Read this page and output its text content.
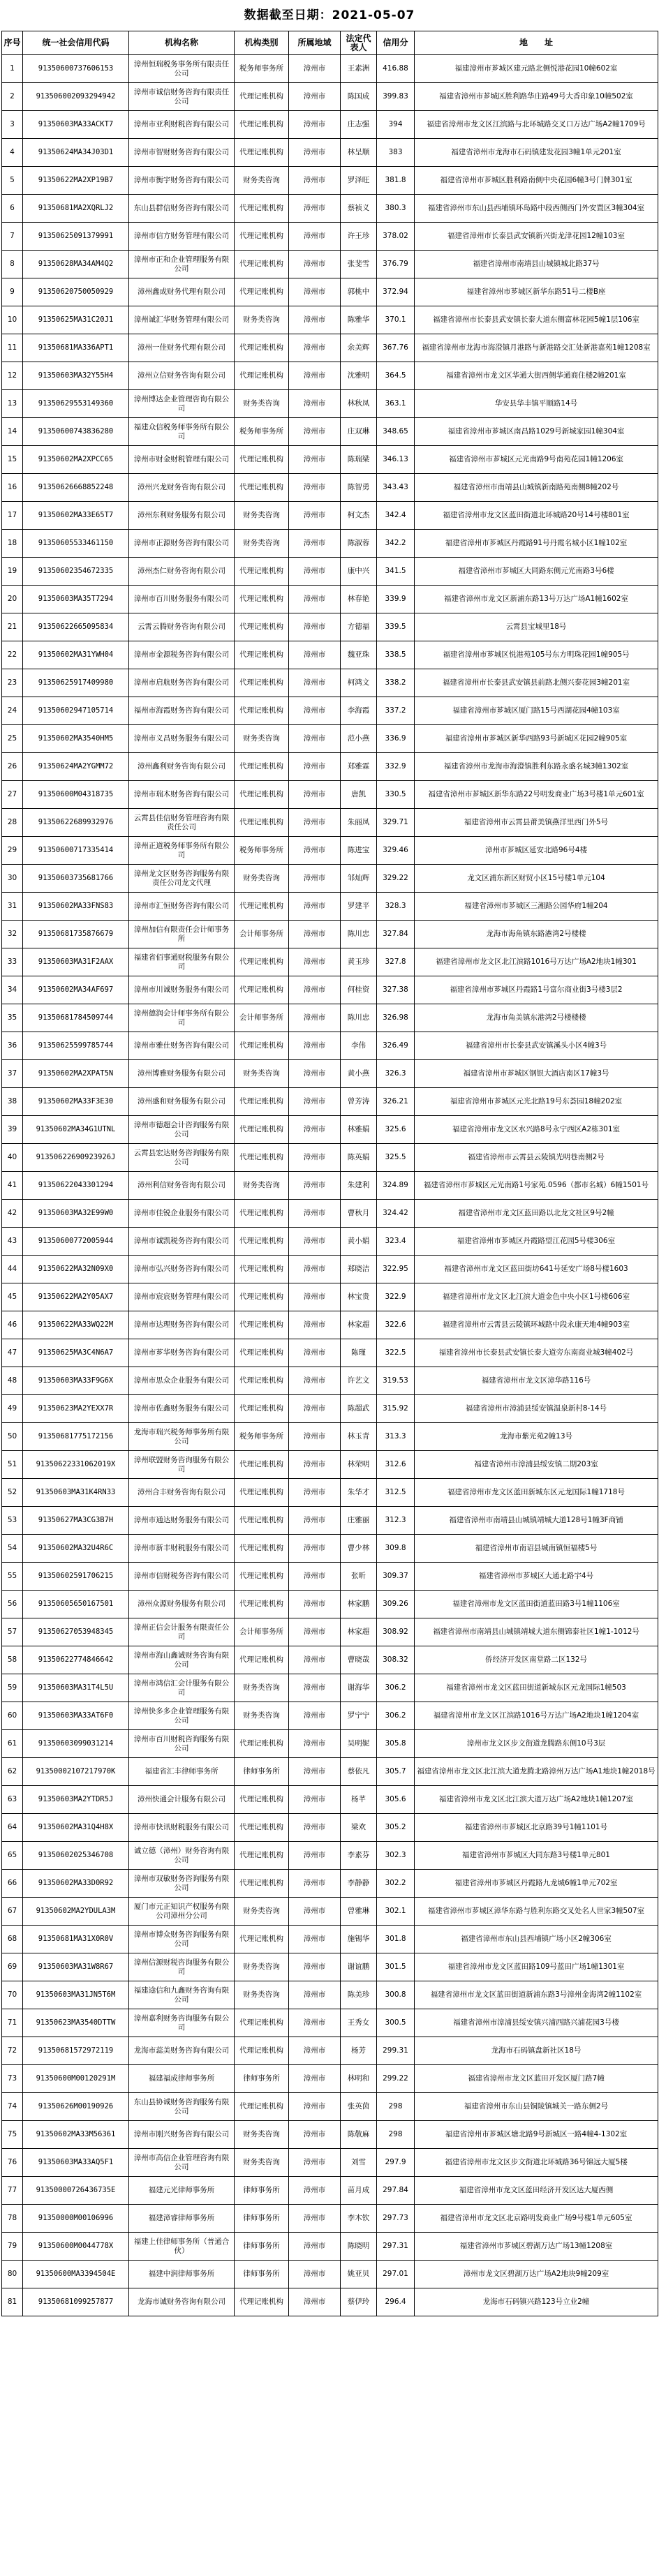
数据截至日期：2021-05-07
序号	统一社会信用代码	机构名称	机构类别	所属地域	法定代表人	信用分	地　　址
1	91350600737606153	漳州恒瑞税务事务所有限责任公司	税务师事务所	漳州市	王素洲	416.88	福建漳州市芗城区建元路北侧悦港花园10幢602室
2	913506002093294942	漳州市诚信财务咨询有限责任公司	代理记账机构	漳州市	陈国成	399.83	福建省漳州市芗城区胜利路华庄路49号大香印象10幢502室
3	91350603MA33ACKT7	漳州市亚利财税咨询有限公司	代理记账机构	漳州市	庄志强	394	福建省漳州市龙文区江滨路与北环城路交叉口万达广场A2幢1709号
4	91350624MA34J03D1	漳州市智财财务咨询有限公司	代理记账机构	漳州市	林呈顺	383	福建省漳州市龙海市石码镇建发花园3幢1单元201室
5	91350622MA2XP19B7	漳州市衡宇财务咨询有限公司	财务类咨询	漳州市	罗泽旺	381.8	福建省漳州市芗城区胜利路南侧中央花园6幢3号门牌301室
6	91350681MA2XQRLJ2	东山县群信财务咨询有限公司	代理记账机构	漳州市	蔡祯义	380.3	福建省漳州市东山县西埔镇环岛路中段西侧西门外安置区3幢304室
7	91350625091379991	漳州市信方财务管理有限公司	代理记账机构	漳州市	许王珍	378.02	福建省漳州市长泰县武安镇新兴街龙津花园12幢103室
8	91350628MA34AM4Q2	漳州市正和企业管理服务有限公司	代理记账机构	漳州市	张斐雪	376.79	福建省漳州市南靖县山城镇城北路37号
9	91350620750050929	漳州鑫成财务代理有限公司	代理记账机构	漳州市	郭桃中	372.94	福建省漳州市芗城区新华东路51号二楼B座
10	91350625MA31C20J1	漳州诚汇华财务管理有限公司	财务类咨询	漳州市	陈雅华	370.1	福建省漳州市长泰县武安镇长泰大道东侧富林花园5幢1层106室
11	91350681MA336APT1	漳州一佳财务代理有限公司	代理记账机构	漳州市	余美辉	367.76	福建省漳州市龙海市海澄镇月港路与新港路交汇处新港嘉苑1幢1208室
12	91350603MA32Y55H4	漳州立信财务咨询有限公司	代理记账机构	漳州市	沈雅明	364.5	福建省漳州市龙文区华通大街西侧华通商住楼2幢201室
13	91350629553149360	漳州博达企业管理咨询有限公司	财务类咨询	漳州市	林秋凤	363.1	华安县华丰镇平顺路14号
14	91350600743836280	福建众信税务师事务所有限公司	税务师事务所	漳州市	庄双琳	348.65	福建省漳州市芗城区南昌路1029号新城家园1幢304室
15	91350602MA2XPCC65	漳州市财金财税管理有限公司	代理记账机构	漳州市	陈瑞梁	346.13	福建省漳州市芗城区元光南路9号南苑花园1幢1206室
16	91350626668852248	漳州兴龙财务咨询有限公司	代理记账机构	漳州市	陈智勇	343.43	福建省漳州市南靖县山城镇新南路苑南侧8幢202号
17	91350602MA33E65T7	漳州东利财务服务有限公司	财务类咨询	漳州市	柯文杰	342.4	福建省漳州市龙文区蓝田街道北环城路20号14号楼801室
18	91350605533461150	漳州市正源财务咨询有限公司	财务类咨询	漳州市	陈淑蓉	342.2	福建省漳州市芗城区丹霞路91号丹霞名城小区1幢102室
19	91350602354672335	漳州杰仁财务咨询有限公司	代理记账机构	漳州市	康中兴	341.5	福建省漳州市芗城区大同路东侧元光南路3号6楼
20	91350603MA35T7294	漳州市百川财务服务有限公司	代理记账机构	漳州市	林春艳	339.9	福建省漳州市龙文区新浦东路13号万达广场A1幢1602室
21	91350622665095834	云霄云腾财务咨询有限公司	代理记账机构	漳州市	方德福	339.5	云霄县宝城里18号
22	91350602MA31YWH04	漳州市金源税务咨询有限公司	代理记账机构	漳州市	魏亚珠	338.5	福建省漳州市芗城区悦港苑105号东方明珠花园1幢905号
23	91350625917409980	漳州市启航财务咨询有限公司	代理记账机构	漳州市	柯鸿文	338.2	福建省漳州市长泰县武安镇县前路北侧兴泰花园3幢201室
24	91350602947105714	福州市海霞财务咨询有限公司	代理记账机构	漳州市	李海霞	337.2	福建省漳州市芗城区厦门路15号西湖花园4幢103室
25	91350602MA3540HM5	漳州市义昌财务服务有限公司	财务类咨询	漳州市	范小燕	336.9	福建省漳州市芗城区新华西路93号新城区花园2幢905室
26	91350624MA2YGMM72	漳州鑫利财务咨询有限公司	代理记账机构	漳州市	郑雅霖	332.9	福建省漳州市龙海市海澄镇胜利东路永盛名城3幢1302室
27	91350600M04318735	漳州市瑞木财务咨询有限公司	代理记账机构	漳州市	唐凯	330.5	福建省漳州市芗城区新华东路22号明发商业广场3号楼1单元601室
28	91350622689932976	云霄县佳信财务管理咨询有限责任公司	代理记账机构	漳州市	朱丽凤	329.71	福建省漳州市云霄县莆美镇燕洋里西门外5号
29	91350600717335414	漳州正道税务师事务所有限公司	税务师事务所	漳州市	陈进宝	329.46	漳州市芗城区延安北路96号4楼
30	91350603735681766	漳州龙文区财务咨询服务有限责任公司龙文代理	财务类咨询	漳州市	邹灿辉	329.22	龙文区浦东新区财贸小区15号楼1单元104
31	91350602MA33FNS83	漳州市汇恒财务咨询有限公司	代理记账机构	漳州市	罗建平	328.3	福建省漳州市芗城区三湘路公园华府1幢204
32	91350681735876679	漳州加信有限责任会计师事务所	会计师事务所	漳州市	陈川忠	327.84	龙海市海角镇东路港湾2号楼楼
33	91350603MA31F2AAX	福建省佰事通财税服务有限公司	代理记账机构	漳州市	黄玉珍	327.8	福建省漳州市龙文区北江滨路1016号万达广场A2地块1幢301
34	91350602MA34AF697	漳州市川诚财务服务有限公司	代理记账机构	漳州市	何桂资	327.38	福建省漳州市芗城区丹霞路1号富尔商业街3号楼3层2
35	91350681784509744	漳州德润会计师事务所有限公司	会计师事务所	漳州市	陈川忠	326.98	龙海市角美镇东港湾2号楼楼楼
36	91350625599785744	漳州市雅仕财务咨询有限公司	代理记账机构	漳州市	李伟	326.49	福建省漳州市长泰县武安镇溪头小区4幢3号
37	91350602MA2XPAT5N	漳州博雅财务服务有限公司	财务类咨询	漳州市	黄小燕	326.3	福建省漳州市芗城区钢银大酒店南区17幢3号
38	91350602MA33F3E30	漳州盛和财务服务有限公司	代理记账机构	漳州市	曾芳涛	326.21	福建省漳州市芗城区元光北路19号东荟园18幢202室
39	91350602MA34G1UTNL	漳州市德超会计咨询服务有限公司	代理记账机构	漳州市	林雅娟	325.6	福建省漳州市龙文区水兴路8号永宁西区A2栋301室
40	91350622690923926J	云霄县宏达财务咨询服务有限公司	代理记账机构	漳州市	陈英娟	325.5	福建省漳州市云霄县云陵镇光明巷南侧2号
41	91350622043301294	漳州利信财务咨询有限公司	财务类咨询	漳州市	朱建利	324.89	福建省漳州市芗城区元光南路1号家苑.0596（都市名城）6幢1501号
42	91350603MA32E99W0	漳州市佳锐企业服务有限公司	代理记账机构	漳州市	曹秋月	324.42	福建省漳州市龙文区蓝田路以北龙文社区9号2幢
43	91350600772005944	漳州市诚凯税务咨询有限公司	代理记账机构	漳州市	黄小娟	323.4	福建省漳州市芗城区丹霞路望江花园5号楼306室
44	91350622MA32N09X0	漳州市弘兴财务咨询有限公司	代理记账机构	漳州市	郑晓洁	322.95	福建省漳州市龙文区蓝田街坊641号延安广场8号楼1603
45	91350622MA2Y05AX7	漳州市宸宸财务管理有限公司	代理记账机构	漳州市	林宝贵	322.9	福建省漳州市龙文区北江滨大道金色中央小区1号楼606室
46	91350622MA33WQ22M	漳州市达理财务咨询有限公司	代理记账机构	漳州市	林家超	322.6	福建省漳州市云霄县云陵镇环城路中段永康天地4幢903室
47	91350625MA3C4N6A7	漳州市芗华财务咨询有限公司	代理记账机构	漳州市	陈瑾	322.5	福建省漳州市长泰县武安镇长泰大道旁东南商业城3幢402号
48	91350603MA33F9G6X	漳州市思众企业服务有限公司	代理记账机构	漳州市	许艺文	319.53	福建省漳州市龙文区漳华路116号
49	91350623MA2YEXX7R	漳州市佐鑫财务服务有限公司	代理记账机构	漳州市	陈超武	315.92	福建省漳州市漳浦县绥安镇温泉新村8-14号
50	91350681775172156	龙海市瑞兴税务师事务所有限公司	税务师事务所	漳州市	林玉青	313.3	龙海市紫光苑2幢13号
51	91350622331062019X	漳州联盟财务咨询服务有限公司	代理记账机构	漳州市	林荣明	312.6	福建省漳州市漳浦县绥安镇二期203室
52	91350603MA31K4RN33	漳州合丰财务咨询有限公司	代理记账机构	漳州市	朱华才	312.5	福建省漳州市龙文区蓝田新城东区元龙国际1幢1718号
53	91350627MA3CG3B7H	漳州市通达财务服务有限公司	代理记账机构	漳州市	庄雅丽	312.3	福建省漳州市南靖县山城镇靖城大道128号1幢3F商铺
54	91350602MA32U4R6C	漳州市新丰财税服务有限公司	代理记账机构	漳州市	曹少林	309.8	福建省漳州市南诏县城南镇恒福楼5号
55	91350602591706215	漳州市信财税务咨询有限公司	代理记账机构	漳州市	张昕	309.37	福建省漳州市芗城区大通北路宇4号
56	91350605650167501	漳州众源财务服务有限公司	代理记账机构	漳州市	林家鹏	309.26	福建省漳州市龙文区蓝田街道蓝田路3号1幢1106室
57	91350627053948345	漳州正信会计服务有限责任公司	会计师事务所	漳州市	林家超	308.92	福建省漳州市南靖县山城镇靖城大道东侧锦泰社区1幢1-1012号
58	91350622774846642	漳州市海山鑫诚财务咨询有限公司	代理记账机构	漳州市	曹晓哉	308.32	侨经济开发区南堂路二区132号
59	91350603MA31T4L5U	漳州市鸿信汇会计服务有限公司	财务类咨询	漳州市	谢海华	306.2	福建省漳州市龙文区蓝田街道新城东区元龙国际1幢503
60	91350603MA33AT6F0	漳州快多多企业管理服务有限公司	财务类咨询	漳州市	罗宁宁	306.2	福建省漳州市龙文区江滨路1016号万达广场A2地块1幢1204室
61	91350603099031214	漳州市百川财税咨询服务有限公司	代理记账机构	漳州市	吴明妮	305.8	漳州市龙文区步文街道龙腾路东侧10号3层
62	91350002107217970K	福建省汇丰律师事务所	律师事务所	漳州市	蔡依凡	305.7	福建省漳州市龙文区北江滨大道龙腾北路漳州万达广场A1地块1幢2018号
63	91350603MA2YTDR5J	漳州快通会计服务有限公司	代理记账机构	漳州市	杨芊	305.6	福建省漳州市龙文区北江滨大道万达广场A2地块1幢1207室
64	91350602MA31Q4H8X	漳州市快讯财税服务有限公司	代理记账机构	漳州市	梁欢	305.2	福建省漳州市芗城区北京路39号1幢1101号
65	91350602025346708	诚立德（漳州）财务咨询有限公司	代理记账机构	漳州市	李素芬	302.3	福建省漳州市芗城区大同东路3号楼1单元801
66	91350602MA33D0R92	漳州市双敏财务咨询服务有限公司	代理记账机构	漳州市	李静静	302.2	福建省漳州市芗城区丹霞路九龙城6幢1单元702室
67	91350602MA2YDULA3M	厦门市元正知识产权服务有限公司漳州分公司	财务类咨询	漳州市	曾雅琳	302.1	福建省漳州市芗城区漳华东路与胜利东路交叉处名人世家3幢507室
68	91350681MA31X0R0V	漳州市博众财务咨询服务有限公司	代理记账机构	漳州市	施锡华	301.8	福建省漳州市东山县西埔镇广场小区2幢306室
69	91350603MA31W8R67	漳州信源财税咨询服务有限公司	财务类咨询	漳州市	谢谊鹏	301.5	福建省漳州市龙文区蓝田路109号蓝田广场1幢1301室
70	91350603MA31JN5T6M	福建途信和九鑫财务咨询有限公司	财务类咨询	漳州市	陈美珍	300.8	福建省漳州市龙文区蓝田街道新浦东路3号漳州金海湾2幢1102室
71	91350623MA3540DTTW	漳州嘉利财务咨询服务有限公司	代理记账机构	漳州市	王秀女	300.5	福建省漳州市漳浦县绥安镇兴浦西路兴浦花园3号楼
72	91350681572972119	龙海市蕊美财务咨询有限公司	代理记账机构	漳州市	杨芳	299.31	龙海市石码镇盘新社区18号
73	91350600M00120291M	福建福成律师事务所	律师事务所	漳州市	林明和	299.22	福建省漳州市龙文区蓝田开发区厦门路7幢
74	91350626M00190926	东山县协诚财务咨询服务有限公司	代理记账机构	漳州市	张英茵	298	福建省漳州市东山县铜陵镇城关一路东侧2号
75	91350602MA33M56361	漳州市刚兴财务咨询有限公司	财务类咨询	漳州市	陈敬麻	298	福建省漳州市芗城区塘北路9号新城区一路4幢4-1302室
76	91350603MA33AQ5F1	漳州市高信企业管理咨询有限公司	财务类咨询	漳州市	刘雪	297.9	福建省漳州市龙文区步文街道北环城路36号锦远大厦5楼
77	91350000726436735E	福建元光律师事务所	律师事务所	漳州市	苗月成	297.84	福建省漳州市龙文区蓝田经济开发区达大厦西侧
78	91350000M00106996	福建漳睿律师事务所	律师事务所	漳州市	李木钦	297.73	福建省漳州市龙文区北京路明发商业广场9号楼1单元605室
79	91350600M0044778X	福建上佳律师事务所（普通合伙）	律师事务所	漳州市	陈晓明	297.31	福建省漳州市芗城区碧湖万达广场13幢1208室
80	91350600MA3394504E	福建中润律师事务所	律师事务所	漳州市	姚亚贝	297.01	漳州市龙文区碧湖万达广场A2地块9幢209室
81	91350681099257877	龙海市诚财务咨询有限公司	代理记账机构	漳州市	蔡伊玲	296.4	龙海市石码镇兴路123号立业2幢
